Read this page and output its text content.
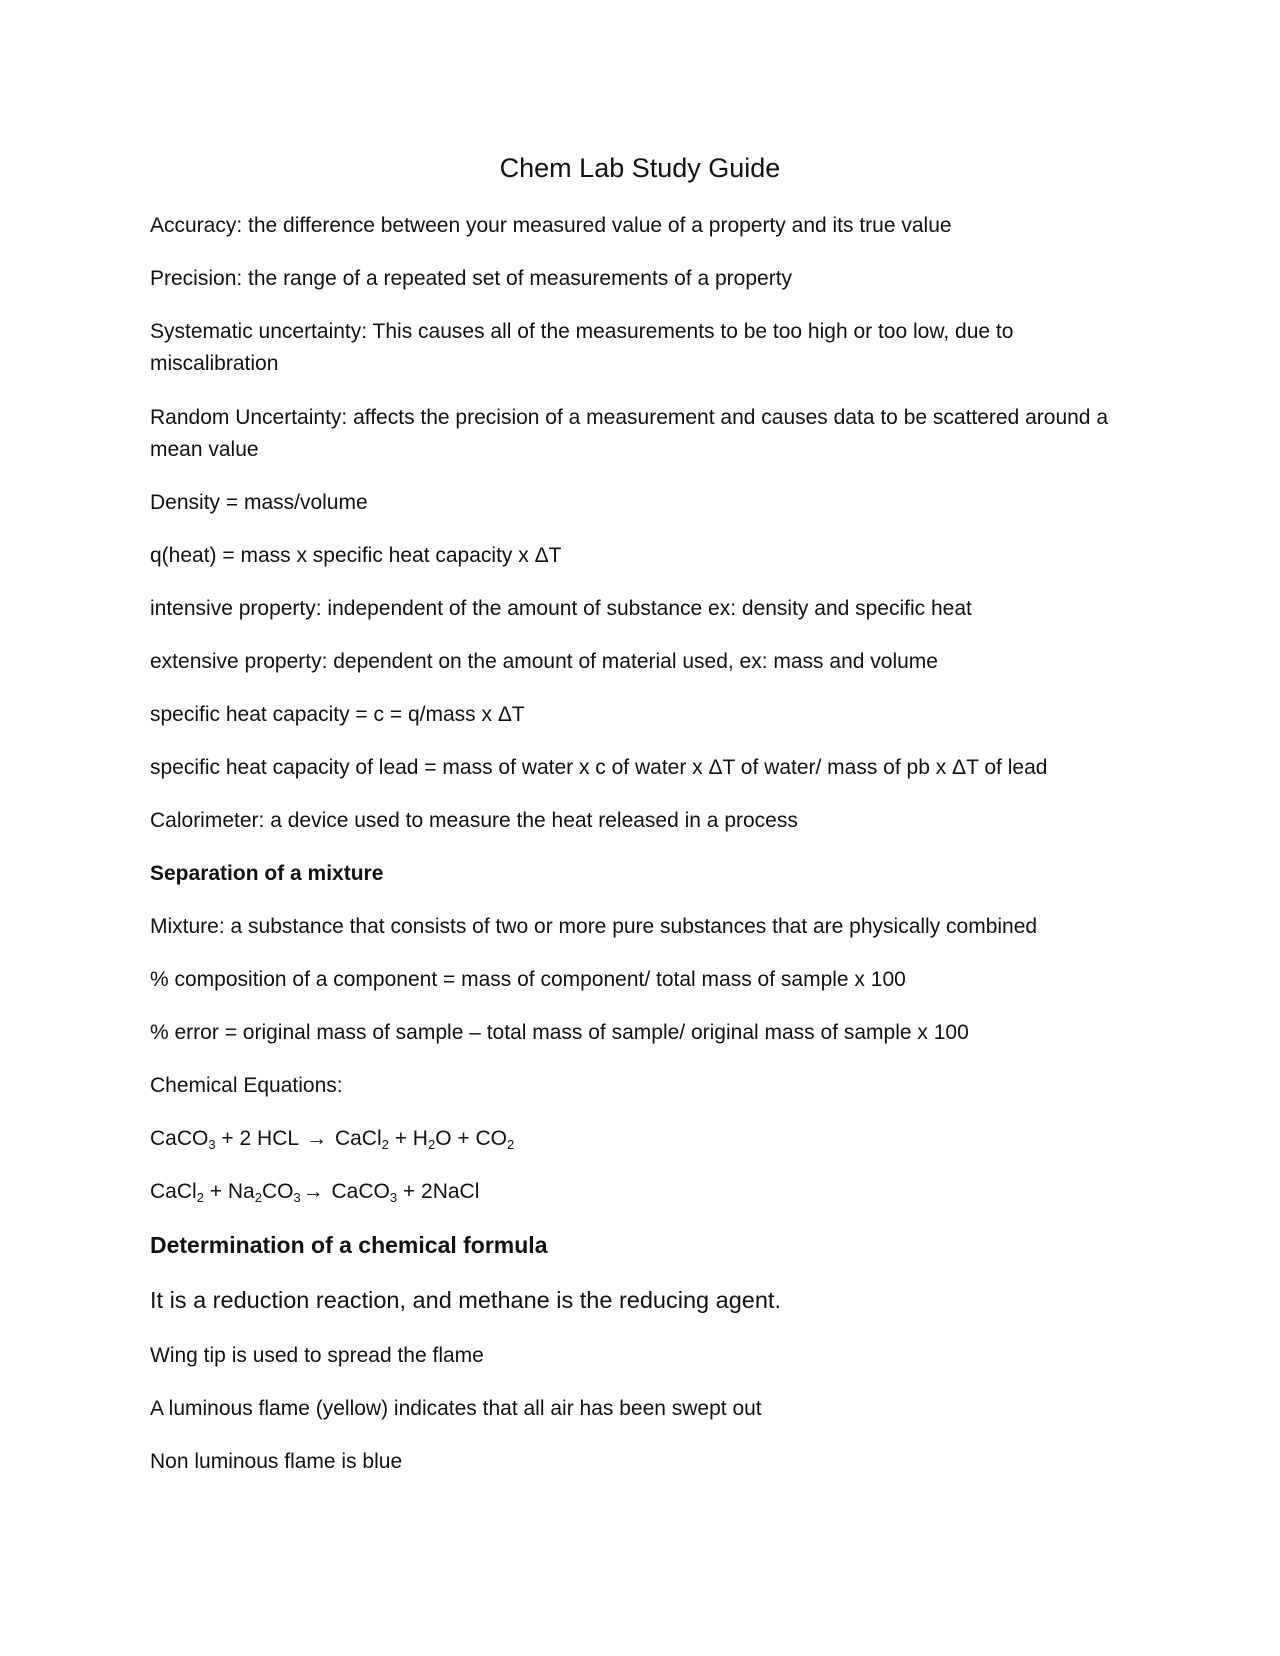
Chem Lab Study Guide

Accuracy: the difference between your measured value of a property and its true value

Precision: the range of a repeated set of measurements of a property

Systematic uncertainty: This causes all of the measurements to be too high or too low, due to miscalibration

Random Uncertainty: affects the precision of a measurement and causes data to be scattered around a mean value

Density = mass/volume

q(heat) = mass x specific heat capacity x ΔT

intensive property: independent of the amount of substance ex: density and specific heat

extensive property: dependent on the amount of material used, ex: mass and volume

specific heat capacity = c = q/mass x ΔT

specific heat capacity of lead = mass of water x c of water x ΔT of water/ mass of pb x ΔT of lead

Calorimeter: a device used to measure the heat released in a process

Separation of a mixture

Mixture: a substance that consists of two or more pure substances that are physically combined

% composition of a component = mass of component/ total mass of sample x 100

% error = original mass of sample – total mass of sample/ original mass of sample x 100

Chemical Equations:

CaCO$_3$ + 2 HCL → CaCl$_2$ + $H_2O + CO_2$

CaCl$_2$ + $Na_2CO_3\to$ CaCO$_3$ + 2NaCl

Determination of a chemical formula

It is a reduction reaction, and methane is the reducing agent.

Wing tip is used to spread the flame

A luminous flame (yellow) indicates that all air has been swept out

Non luminous flame is blue
